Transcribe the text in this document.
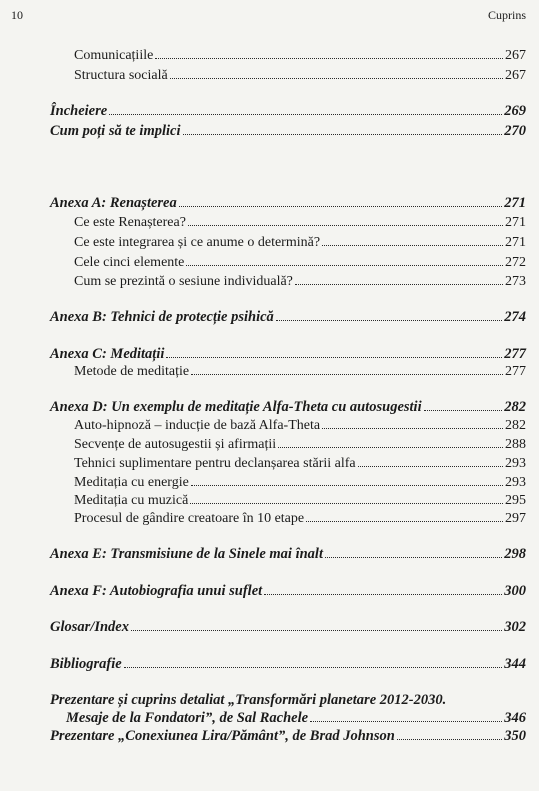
10	Cuprins
Comunicațiile	267
Structura socială	267
Încheiere	269
Cum poți să te implici	270
Anexa A: Renașterea	271
Ce este Renașterea?	271
Ce este integrarea și ce anume o determină?	271
Cele cinci elemente	272
Cum se prezintă o sesiune individuală?	273
Anexa B: Tehnici de protecție psihică	274
Anexa C: Meditații	277
Metode de meditație	277
Anexa D: Un exemplu de meditație Alfa-Theta cu autosugestii	282
Auto-hipnoză – inducție de bază Alfa-Theta	282
Secvențe de autosugestii și afirmații	288
Tehnici suplimentare pentru declanșarea stării alfa	293
Meditația cu energie	293
Meditația cu muzică	295
Procesul de gândire creatoare în 10 etape	297
Anexa E: Transmisiune de la Sinele mai înalt	298
Anexa F: Autobiografia unui suflet	300
Glosar/Index	302
Bibliografie	344
Prezentare și cuprins detaliat „Transformări planetare 2012-2030.
Mesaje de la Fondatori”, de Sal Rachele	346
Prezentare „Conexiunea Lira/Pământ”, de Brad Johnson	350
